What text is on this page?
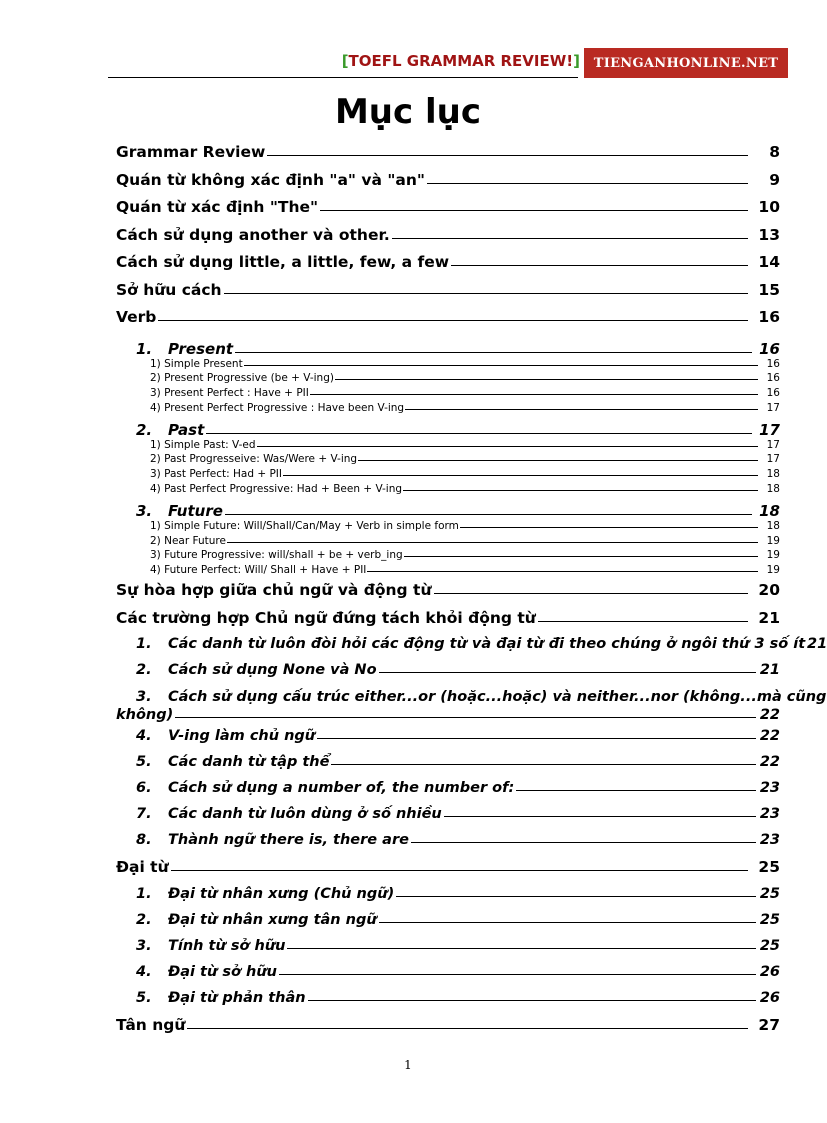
[TOEFL GRAMMAR REVIEW!]	TIENGANHONLINE.NET
Mục lục
Grammar Review	8
Quán từ không xác định "a" và "an"	9
Quán từ xác định "The"	10
Cách sử dụng another và other.	13
Cách sử dụng little, a little, few, a few	14
Sở hữu cách	15
Verb	16
1. Present	16
1) Simple Present	16
2) Present Progressive (be + V-ing)	16
3) Present Perfect : Have + PII	16
4) Present Perfect Progressive : Have been V-ing	17
2. Past	17
1) Simple Past: V-ed	17
2) Past Progresseive: Was/Were + V-ing	17
3) Past Perfect: Had + PII	18
4) Past Perfect Progressive: Had + Been + V-ing	18
3. Future	18
1) Simple Future: Will/Shall/Can/May + Verb in simple form	18
2) Near Future	19
3) Future Progressive: will/shall + be + verb_ing	19
4) Future Perfect: Will/ Shall + Have + PII	19
Sự hòa hợp giữa chủ ngữ và động từ	20
Các trường hợp Chủ ngữ đứng tách khỏi động từ	21
1. Các danh từ luôn đòi hỏi các động từ và đại từ đi theo chúng ở ngôi thứ 3 số ít 21
2. Cách sử dụng None và No	21
3. Cách sử dụng cấu trúc either...or (hoặc...hoặc) và neither...nor (không...mà cũng
không)	22
4. V-ing làm chủ ngữ	22
5. Các danh từ tập thể	22
6. Cách sử dụng a number of, the number of:	23
7. Các danh từ luôn dùng ở số nhiều	23
8. Thành ngữ there is, there are	23
Đại từ	25
1. Đại từ nhân xưng (Chủ ngữ)	25
2. Đại từ nhân xưng tân ngữ	25
3. Tính từ sở hữu	25
4. Đại từ sở hữu	26
5. Đại từ phản thân	26
Tân ngữ	27
1
